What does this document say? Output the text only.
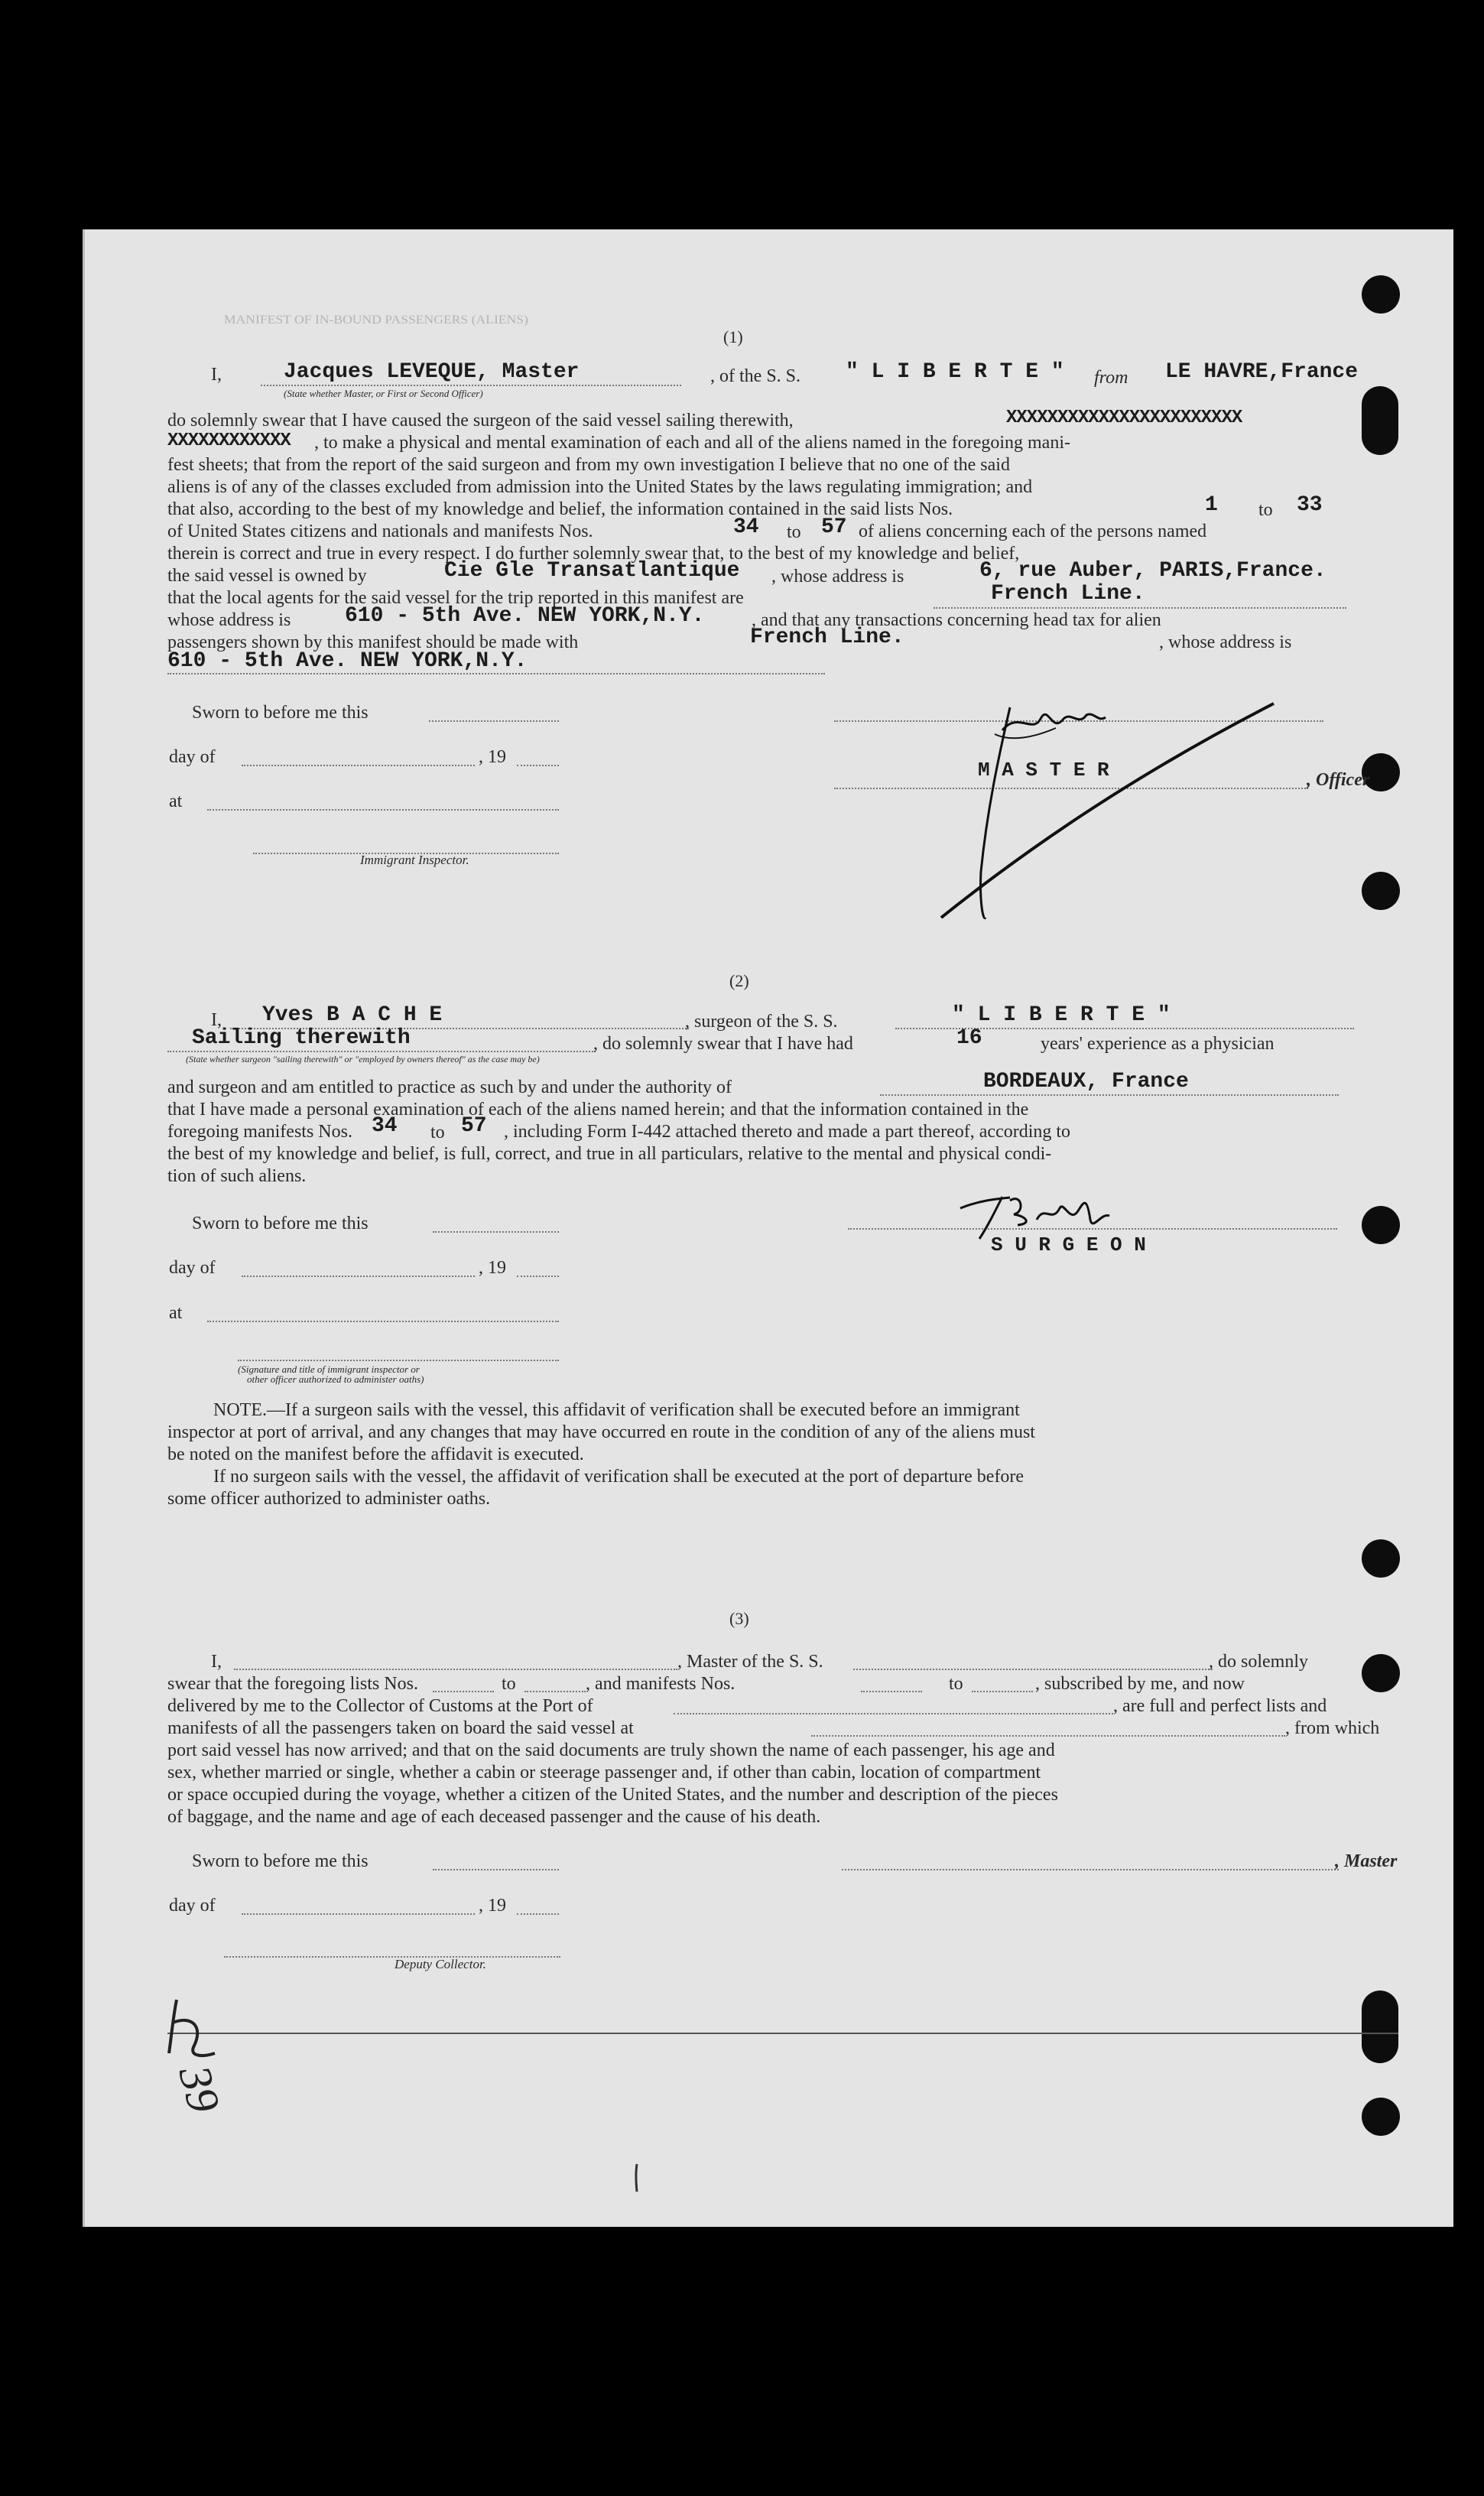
MANIFEST OF IN-BOUND PASSENGERS (ALIENS)
(1)
I,	Jacques LEVEQUE, Master
(State whether Master, or First or Second Officer)
, of the S. S. " L I B E R T E " from LE HAVRE,France
do solemnly swear that I have caused the surgeon of the said vessel sailing therewith,	XXXXXXXXXXXXXXXXXXXXXXX
XXXXXXXXXXXX , to make a physical and mental examination of each and all of the aliens named in the foregoing mani-
fest sheets; that from the report of the said surgeon and from my own investigation I believe that no one of the said
aliens is of any of the classes excluded from admission into the United States by the laws regulating immigration; and
that also, according to the best of my knowledge and belief, the information contained in the said lists Nos.	1 to 33
of United States citizens and nationals and manifests Nos.	34 to 57 of aliens concerning each of the persons named
therein is correct and true in every respect. I do further solemnly swear that, to the best of my knowledge and belief,
the said vessel is owned by	Cie Gle Transatlantique , whose address is	6, rue Auber, PARIS,France.
that the local agents for the said vessel for the trip reported in this manifest are	French Line.
whose address is	610 - 5th Ave. NEW YORK,N.Y.	, and that any transactions concerning head tax for alien
passengers shown by this manifest should be made with	French Line.	, whose address is
610 - 5th Ave. NEW YORK,N.Y.
Sworn to before me this
day of	, 19
at
Immigrant Inspector.
M A S T E R	, Officer
(2)
I, Yves B A C H E	, surgeon of the S. S.	" L I B E R T E "
Sailing therewith
(State whether surgeon "sailing therewith" or "employed by owners thereof" as the case may be)
, do solemnly swear that I have had	16	years' experience as a physician
and surgeon and am entitled to practice as such by and under the authority of	BORDEAUX, France
that I have made a personal examination of each of the aliens named herein; and that the information contained in the
foregoing manifests Nos. 34 to 57 , including Form I-442 attached thereto and made a part thereof, according to
the best of my knowledge and belief, is full, correct, and true in all particulars, relative to the mental and physical condi-
tion of such aliens.
Sworn to before me this
day of	, 19
at
(Signature and title of immigrant inspector or
other officer authorized to administer oaths)
S U R G E O N
NOTE.—If a surgeon sails with the vessel, this affidavit of verification shall be executed before an immigrant
inspector at port of arrival, and any changes that may have occurred en route in the condition of any of the aliens must
be noted on the manifest before the affidavit is executed.
If no surgeon sails with the vessel, the affidavit of verification shall be executed at the port of departure before
some officer authorized to administer oaths.
(3)
I,	, Master of the S. S.	, do solemnly
swear that the foregoing lists Nos.	to	, and manifests Nos.	to	, subscribed by me, and now
delivered by me to the Collector of Customs at the Port of	, are full and perfect lists and
manifests of all the passengers taken on board the said vessel at	, from which
port said vessel has now arrived; and that on the said documents are truly shown the name of each passenger, his age and
sex, whether married or single, whether a cabin or steerage passenger and, if other than cabin, location of compartment
or space occupied during the voyage, whether a citizen of the United States, and the number and description of the pieces
of baggage, and the name and age of each deceased passenger and the cause of his death.
Sworn to before me this	, Master
day of	, 19
Deputy Collector.
39
